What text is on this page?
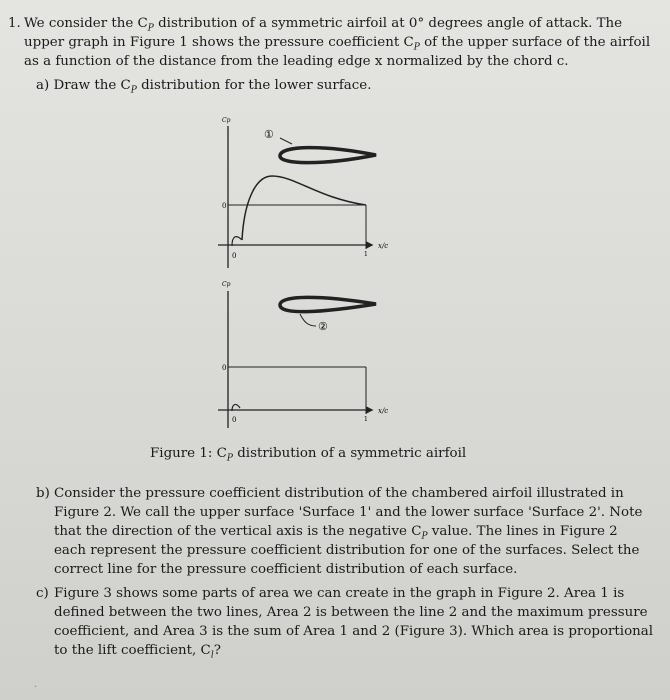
1. We consider the $C_P$ distribution of a symmetric airfoil at 0° degrees angle of attack. The
upper graph in Figure 1 shows the pressure coefficient $C_P$ of the upper surface of the airfoil
as a function of the distance from the leading edge x normalized by the chord c.
a) Draw the $C_P$ distribution for the lower surface.
Cp
0
0	1
x/c
①
Cp
0
0	1
x/c
②
Figure 1: $C_P$ distribution of a symmetric airfoil
b) Consider the pressure coefficient distribution of the chambered airfoil illustrated in
Figure 2. We call the upper surface 'Surface 1' and the lower surface 'Surface 2'. Note
that the direction of the vertical axis is the negative $C_P$ value. The lines in Figure 2
each represent the pressure coefficient distribution for one of the surfaces. Select the
correct line for the pressure coefficient distribution of each surface.
c) Figure 3 shows some parts of area we can create in the graph in Figure 2. Area 1 is
defined between the two lines, Area 2 is between the line 2 and the maximum pressure
coefficient, and Area 3 is the sum of Area 1 and 2 (Figure 3). Which area is proportional
to the lift coefficient, $C_l$?
·
